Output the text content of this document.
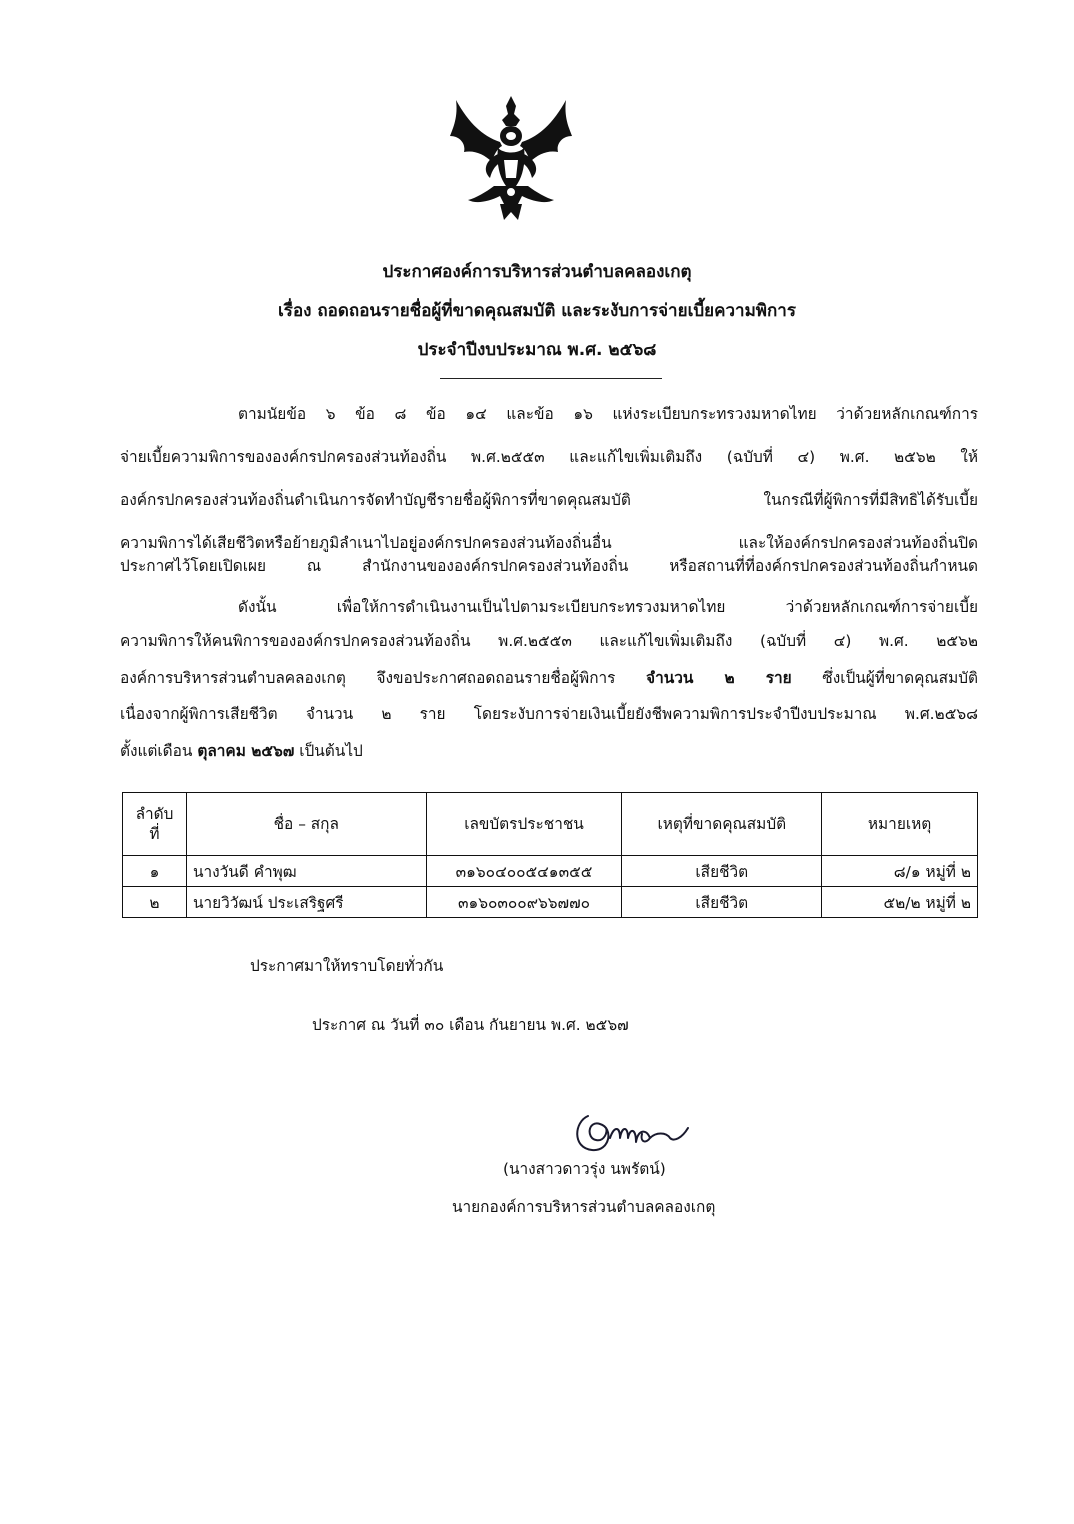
ประกาศองค์การบริหารส่วนตำบลคลองเกตุ
เรื่อง ถอดถอนรายชื่อผู้ที่ขาดคุณสมบัติ และระงับการจ่ายเบี้ยความพิการ
ประจำปีงบประมาณ พ.ศ. ๒๕๖๘
ตามนัยข้อ ๖ ข้อ ๘ ข้อ ๑๔ และข้อ ๑๖ แห่งระเบียบกระทรวงมหาดไทย ว่าด้วยหลักเกณฑ์การ
จ่ายเบี้ยความพิการขององค์กรปกครองส่วนท้องถิ่น พ.ศ.๒๕๕๓ และแก้ไขเพิ่มเติมถึง (ฉบับที่ ๔) พ.ศ. ๒๕๖๒ ให้
องค์กรปกครองส่วนท้องถิ่นดำเนินการจัดทำบัญชีรายชื่อผู้พิการที่ขาดคุณสมบัติ ในกรณีที่ผู้พิการที่มีสิทธิได้รับเบี้ย
ความพิการได้เสียชีวิตหรือย้ายภูมิลำเนาไปอยู่องค์กรปกครองส่วนท้องถิ่นอื่น และให้องค์กรปกครองส่วนท้องถิ่นปิด
ประกาศไว้โดยเปิดเผย ณ สำนักงานขององค์กรปกครองส่วนท้องถิ่น หรือสถานที่ที่องค์กรปกครองส่วนท้องถิ่นกำหนด
ดังนั้น เพื่อให้การดำเนินงานเป็นไปตามระเบียบกระทรวงมหาดไทย ว่าด้วยหลักเกณฑ์การจ่ายเบี้ย
ความพิการให้คนพิการขององค์กรปกครองส่วนท้องถิ่น พ.ศ.๒๕๕๓ และแก้ไขเพิ่มเติมถึง (ฉบับที่ ๔) พ.ศ. ๒๕๖๒
องค์การบริหารส่วนตำบลคลองเกตุ จึงขอประกาศถอดถอนรายชื่อผู้พิการ จำนวน ๒ ราย ซึ่งเป็นผู้ที่ขาดคุณสมบัติ
เนื่องจากผู้พิการเสียชีวิต จำนวน ๒ ราย โดยระงับการจ่ายเงินเบี้ยยังชีพความพิการประจำปีงบประมาณ พ.ศ.๒๕๖๘
ตั้งแต่เดือน ตุลาคม ๒๕๖๗ เป็นต้นไป
ลำดับ
ที่	ชื่อ – สกุล	เลขบัตรประชาชน	เหตุที่ขาดคุณสมบัติ	หมายเหตุ
๑	นางวันดี คำพุฒ	๓๑๖๐๔๐๐๕๔๑๓๕๕	เสียชีวิต	๘/๑ หมู่ที่ ๒
๒	นายวิวัฒน์ ประเสริฐศรี	๓๑๖๐๓๐๐๙๖๖๗๗๐	เสียชีวิต	๕๒/๒ หมู่ที่ ๒
ประกาศมาให้ทราบโดยทั่วกัน
ประกาศ ณ วันที่ ๓๐ เดือน กันยายน พ.ศ. ๒๕๖๗
(นางสาวดาวรุ่ง นพรัตน์)
นายกองค์การบริหารส่วนตำบลคลองเกตุ
